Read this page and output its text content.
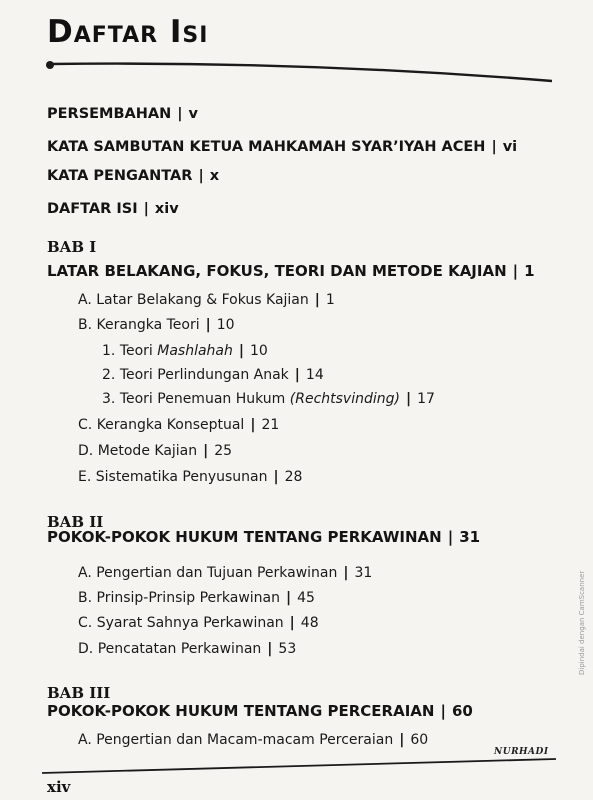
Daftar Isi
PERSEMBAHAN | v
KATA SAMBUTAN KETUA MAHKAMAH SYAR’IYAH ACEH | vi
KATA PENGANTAR | x
DAFTAR ISI | xiv
BAB I
LATAR BELAKANG, FOKUS, TEORI DAN METODE KAJIAN | 1
A. Latar Belakang & Fokus Kajian | 1
B. Kerangka Teori | 10
1. Teori Mashlahah | 10
2. Teori Perlindungan Anak | 14
3. Teori Penemuan Hukum (Rechtsvinding) | 17
C. Kerangka Konseptual | 21
D. Metode Kajian | 25
E. Sistematika Penyusunan | 28
BAB II
POKOK-POKOK HUKUM TENTANG PERKAWINAN | 31
A. Pengertian dan Tujuan Perkawinan | 31
B. Prinsip-Prinsip Perkawinan | 45
C. Syarat Sahnya Perkawinan | 48
D. Pencatatan Perkawinan | 53
BAB III
POKOK-POKOK HUKUM TENTANG PERCERAIAN | 60
A. Pengertian dan Macam-macam Perceraian | 60
NURHADI
xiv
Dipindai dengan CamScanner
